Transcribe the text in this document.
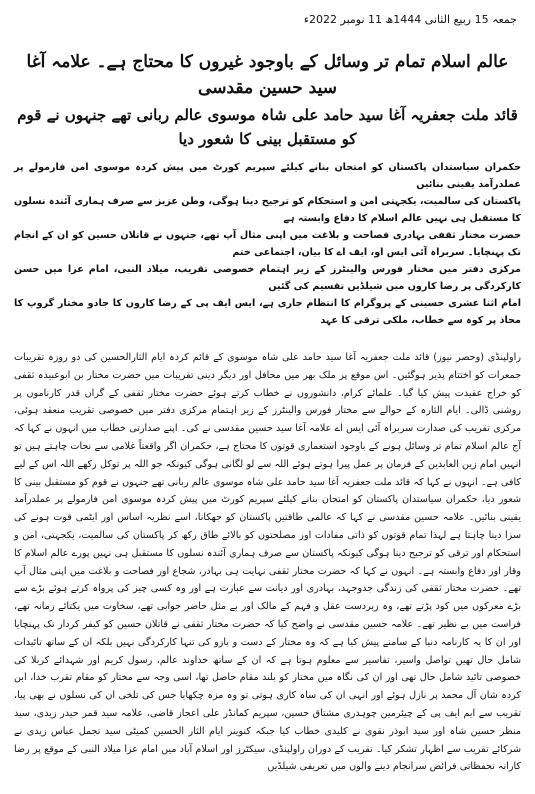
جمعہ 15 ربیع الثانی 1444ھ 11 نومبر 2022ء
عالم اسلام تمام تر وسائل کے باوجود غیروں کا محتاج ہے۔ علامہ آغا سید حسین مقدسی
قائد ملت جعفریہ آغا سید حامد علی شاہ موسوی عالم ربانی تھے جنہوں نے قوم کو مستقبل بینی کا شعور دیا

حکمران سیاستدان پاکستان کو امتحان بنانے کیلئے سپریم کورٹ میں پیش کردہ موسوی امن فارمولے پر عملدرآمد یقینی بنائیں

پاکستان کی سالمیت، یکجہتی امن و استحکام کو ترجیح دینا ہوگی، وطن عزیز سے صرف ہماری آئندہ نسلوں کا مستقبل ہی نہیں عالم اسلام کا دفاع وابستہ ہے

حضرت مختار ثقفی بہادری فصاحت و بلاغت میں اپنی مثال آپ تھے، جنہوں نے قاتلان حسین کو ان کے انجام تک پہنچایا۔ سربراہ آئی ایس او، ایف اے کا بیان، اجتماعی ختم

مرکزی دفتر میں مختار فورس والینٹرز کے زیر اہتمام خصوصی تقریب، میلاد النبی، امام عزا میں حسن کارکردگی پر رضا کاروں میں شیلڈیں تقسیم کی گئیں

امام اثنا عشری حسینی کے پروگرام کا انتظام جاری ہے، ایس ایف پی کے رضا کاروں کا جادو مختار گروپ کا محاذ پر کوہ سے خطاب، ملکی ترقی کا عہد

راولپنڈی (وحصر نیوز) قائد ملت جعفریہ آغا سید حامد علی شاہ موسوی کے قائم کردہ ایام الثارالحسین کی دو روزہ تقریبات جمعرات کو اختتام پذیر ہوگئیں۔ اس موقع پر ملک بھر میں محافل اور دیگر دینی تقریبات میں حضرت مختار بن ابوعبیدہ ثقفی کو خراج عقیدت پیش کیا گیا۔ علمائے کرام، دانشوروں نے خطاب کرتے ہوئے حضرت مختار ثقفی کے گراں قدر کارناموں پر روشنی ڈالی۔ ایام الثارہ کے حوالے سے مختار فورس والینٹرز کے زیر اہتمام مرکزی دفتر میں خصوصی تقریب منعقد ہوئی، مرکزی تقریب کی صدارت سربراہ آئی ایس اے علامہ آغا سید حسین مقدسی نے کی۔ اپنے صدارتی خطاب میں انہوں نے کہا کہ آج عالم اسلام تمام تر وسائل ہونے کے باوجود استعماری قوتوں کا محتاج ہے، حکمران اگر واقعتاً غلامی سے نجات چاہتے ہیں تو انہیں امام زین العابدین کے فرمان پر عمل پیرا ہوتے ہوئے اللہ سے لو لگانی ہوگی کیونکہ جو اللہ پر توکل رکھے اللہ اس کے لیے کافی ہے۔ انہوں نے کہا کہ قائد ملت جعفریہ آغا سید حامد علی شاہ موسوی عالم ربانی تھے جنہوں نے قوم کو مستقبل بینی کا شعور دیا، حکمران سیاستدان پاکستان کو امتحان بنانے کیلئے سپریم کورٹ میں پیش کردہ موسوی امن فارمولے پر عملدرآمد یقینی بنائیں۔ علامہ حسین مقدسی نے کہا کہ عالمی طاقتیں پاکستان کو جھکانا، اسے نظریہ اساس اور ایٹمی قوت ہونے کی سزا دینا چاہتا ہے لہذا تمام قوتوں کو ذاتی مفادات اور مصلحتوں کو بالائے طاق رکھ کر پاکستان کی سالمیت، یکجہتی، امن و استحکام اور ترقی کو ترجیح دینا ہوگی کیونکہ پاکستان سے صرف ہماری آئندہ نسلوں کا مستقبل ہی نہیں پورے عالم اسلام کا وقار اور دفاع وابستہ ہے۔ انہوں نے کہا کہ حضرت مختار ثقفی نہایت ہی بہادر، شجاع اور فصاحت و بلاغت میں اپنی مثال آپ تھے۔ حضرت مختار ثقفی کی زندگی جدوجہد، بہادری اور دیانت سے عبارت ہے اور وہ کسی چیز کی پرواہ کرتے ہوئے بڑے سے بڑے معرکوں میں کود پڑتے تھے، وہ زبردست عقل و فہم کے مالک اور بے مثل حاضر جوابی تھے، سخاوت میں یکتائے زمانہ تھے، فراست میں بے نظیر تھے۔ علامہ حسین مقدسی نے واضح کیا کہ حضرت مختار ثقفی نے قاتلان حسین کو کیفر کردار تک پہنچایا اور ان کا یہ کارنامہ دنیا کے سامنے پیش کیا ہے کہ وہ مختار کے دست و بازو کی تنہا کارکردگی نہیں بلکہ ان کے ساتھ تائیدات شامل حال تھیں تواصل واسیر، تفاسیر سے معلوم ہوتا ہے کہ ان کے ساتھ خداوند عالم، رسول کریم اور شہدائے کربلا کی خصوصی تائید شامل حال تھی اور ان کی نگاہ میں مختار کو بلند مقام حاصل تھا، اسی وجہ سے مختار کو مقام تقرب خدا، ابن کردہ شان آل محمد پر نازل ہوئے اور انہی ان کی ساہ کاری ہوتی تو وہ مزہ چکھایا جس کی تلخی ان کی نسلوں نے بھی پیا، تقریب سے ایم ایف پی کے چیئرمین چوہدری مشتاق حسین، سپریم کمانڈر علی اعجاز قاضی، علامہ سید قمر حیدر زیدی، سید منظر حسین شاہ اور سید ابوذر نقوی نے کلیدی خطاب کیا جبکہ کنوینر ایام الثار الحسین کمیٹی سید تجمل عباس زیدی نے شرکائے تقریب سے اظہار تشکر کیا۔ تقریب کے دوران راولپنڈی، سیکٹرز اور اسلام آباد میں امام عزا میلاد النبی کے موقع پر رضا کارانہ تحفظاتی فرائض سرانجام دینے والوں میں تعریفی شیلڈیں
